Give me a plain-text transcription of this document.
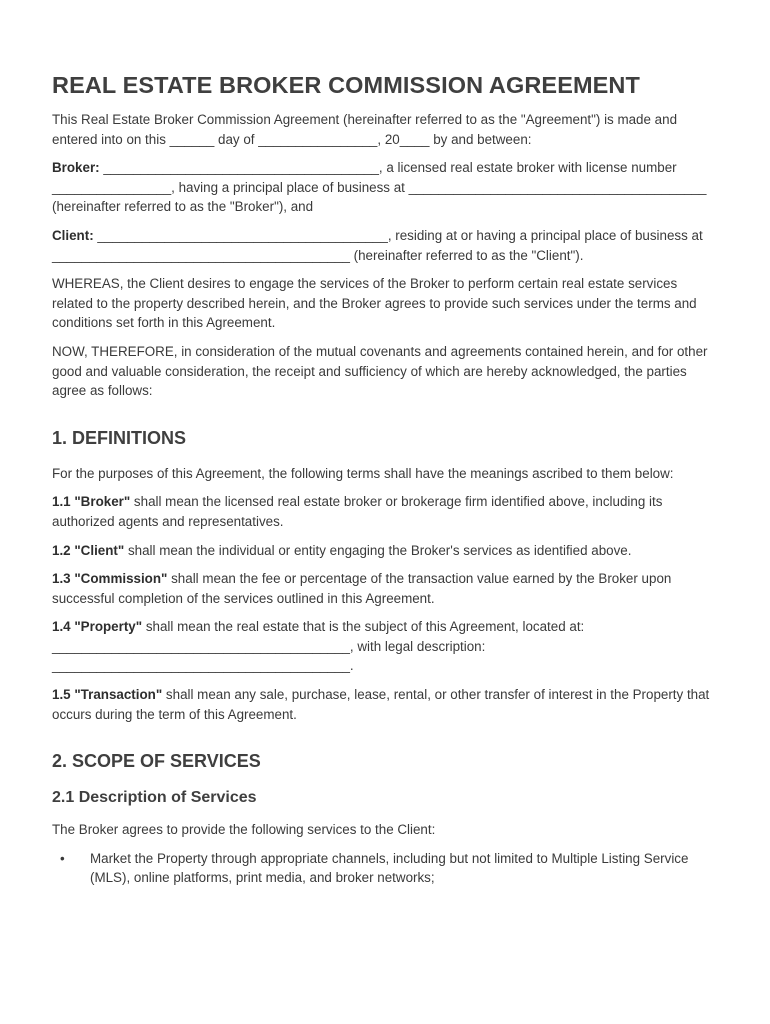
REAL ESTATE BROKER COMMISSION AGREEMENT

This Real Estate Broker Commission Agreement (hereinafter referred to as the "Agreement") is made and entered into on this ______ day of ________________, 20____ by and between:

Broker: _____________________________________, a licensed real estate broker with license number ________________, having a principal place of business at ________________________________________ (hereinafter referred to as the "Broker"), and

Client: _______________________________________, residing at or having a principal place of business at ________________________________________ (hereinafter referred to as the "Client").

WHEREAS, the Client desires to engage the services of the Broker to perform certain real estate services related to the property described herein, and the Broker agrees to provide such services under the terms and conditions set forth in this Agreement.

NOW, THEREFORE, in consideration of the mutual covenants and agreements contained herein, and for other good and valuable consideration, the receipt and sufficiency of which are hereby acknowledged, the parties agree as follows:

1. DEFINITIONS

For the purposes of this Agreement, the following terms shall have the meanings ascribed to them below:

1.1 "Broker" shall mean the licensed real estate broker or brokerage firm identified above, including its authorized agents and representatives.

1.2 "Client" shall mean the individual or entity engaging the Broker's services as identified above.

1.3 "Commission" shall mean the fee or percentage of the transaction value earned by the Broker upon successful completion of the services outlined in this Agreement.

1.4 "Property" shall mean the real estate that is the subject of this Agreement, located at: ________________________________________, with legal description: ________________________________________.

1.5 "Transaction" shall mean any sale, purchase, lease, rental, or other transfer of interest in the Property that occurs during the term of this Agreement.

2. SCOPE OF SERVICES
2.1 Description of Services

The Broker agrees to provide the following services to the Client:

• Market the Property through appropriate channels, including but not limited to Multiple Listing Service (MLS), online platforms, print media, and broker networks;
